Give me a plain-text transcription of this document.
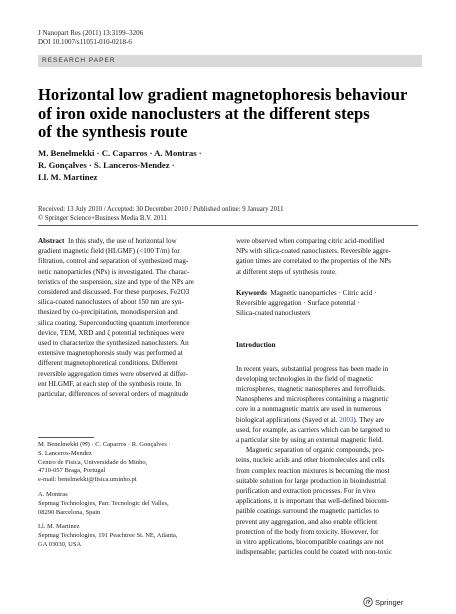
J Nanopart Res (2011) 13:3199–3206
DOI 10.1007/s11051-010-0218-6
RESEARCH PAPER
Horizontal low gradient magnetophoresis behaviour
of iron oxide nanoclusters at the different steps
of the synthesis route
M. Benelmekki · C. Caparros · A. Montras ·
R. Gonçalves · S. Lanceros-Mendez ·
Ll. M. Martinez
Received: 13 July 2010 / Accepted: 30 December 2010 / Published online: 9 January 2011
© Springer Science+Business Media B.V. 2011
Abstract In this study, the use of horizontal low
gradient magnetic field (HLGMF) (<100 T/m) for
filtration, control and separation of synthesized mag-
netic nanoparticles (NPs) is investigated. The charac-
teristics of the suspension, size and type of the NPs are
considered and discussed. For these purposes, Fe2O3
silica-coated nanoclusters of about 150 nm are syn-
thesized by co-precipitation, monodispersion and
silica coating. Superconducting quantum interference
device, TEM, XRD and ζ potential techniques were
used to characterize the synthesized nanoclusters. An
extensive magnetophoresis study was performed at
different magnetophoretical conditions. Different
reversible aggregation times were observed at differ-
ent HLGMF, at each step of the synthesis route. In
particular, differences of several orders of magnitude
M. Benelmekki (✉) · C. Caparros · R. Gonçalves ·
S. Lanceros-Mendez
Centro de Fisica, Universidade do Minho,
4710-057 Braga, Portugal
e-mail: benelmekki@fisica.uminho.pt
A. Montras
Sepmag Technologies, Parc Tecnologic del Valles,
08290 Barcelona, Spain
Ll. M. Martinez
Sepmag Technologies, 191 Peachtree St. NE, Atlanta,
GA 03030, USA
were observed when comparing citric acid-modified
NPs with silica-coated nanoclusters. Reversible aggre-
gation times are correlated to the properties of the NPs
at different steps of synthesis route.
Keywords Magnetic nanoparticles · Citric acid ·
Reversible aggregation · Surface potential ·
Silica-coated nanoclusters
Introduction
In recent years, substantial progress has been made in
developing technologies in the field of magnetic
microspheres, magnetic nanospheres and ferrofluids.
Nanospheres and microspheres containing a magnetic
core in a nonmagnetic matrix are used in numerous
biological applications (Sayed et al. 2003). They are
used, for example, as carriers which can be targeted to
a particular site by using an external magnetic field.
Magnetic separation of organic compounds, pro-
teins, nucleic acids and other biomolecules and cells
from complex reaction mixtures is becoming the most
suitable solution for large production in bioindustrial
purification and extraction processes. For in vivo
applications, it is important that well-defined biocom-
patible coatings surround the magnetic particles to
prevent any aggregation, and also enable efficient
protection of the body from toxicity. However, for
in vitro applications, biocompatible coatings are not
indispensable; particles could be coated with non-toxic
Springer
